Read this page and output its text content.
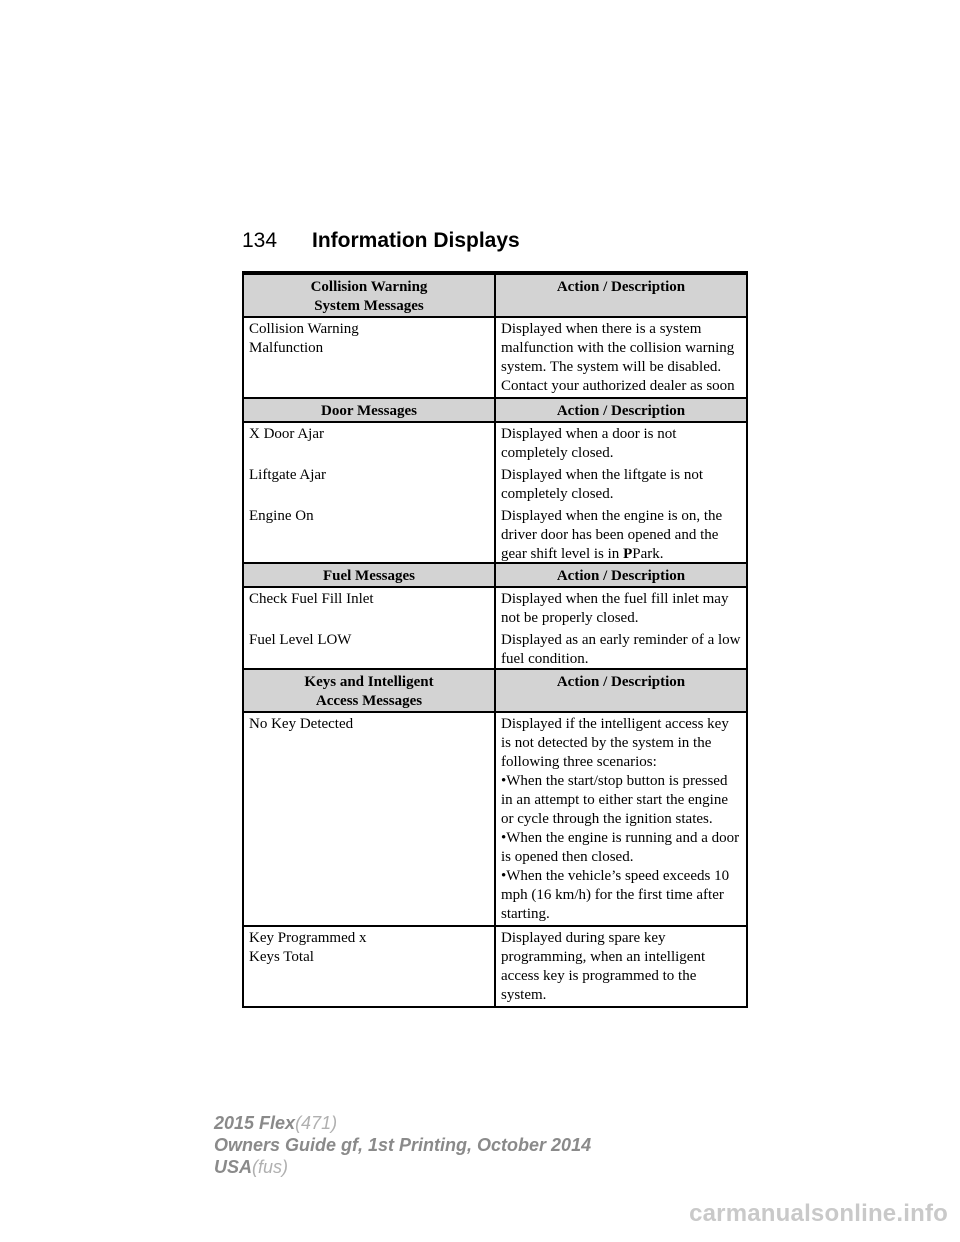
134 Information Displays
Collision Warning
System Messages	Action / Description
Collision Warning
Malfunction	Displayed when there is a system malfunction with the collision warning system. The system will be disabled. Contact your authorized dealer as soon
Door Messages	Action / Description
X Door Ajar	Displayed when a door is not completely closed.
Liftgate Ajar	Displayed when the liftgate is not completely closed.
Engine On	Displayed when the engine is on, the driver door has been opened and the gear shift level is in PPark.
Fuel Messages	Action / Description
Check Fuel Fill Inlet	Displayed when the fuel fill inlet may not be properly closed.
Fuel Level LOW	Displayed as an early reminder of a low fuel condition.
Keys and Intelligent
Access Messages	Action / Description
No Key Detected	Displayed if the intelligent access key is not detected by the system in the following three scenarios:
•When the start/stop button is pressed in an attempt to either start the engine or cycle through the ignition states.
•When the engine is running and a door is opened then closed.
•When the vehicle’s speed exceeds 10 mph (16 km/h) for the first time after starting.

Key Programmed x
Keys Total	Displayed during spare key programming, when an intelligent access key is programmed to the system.
2015 Flex(471)
Owners Guide gf, 1st Printing, October 2014
USA(fus)
carmanualsonline.info
